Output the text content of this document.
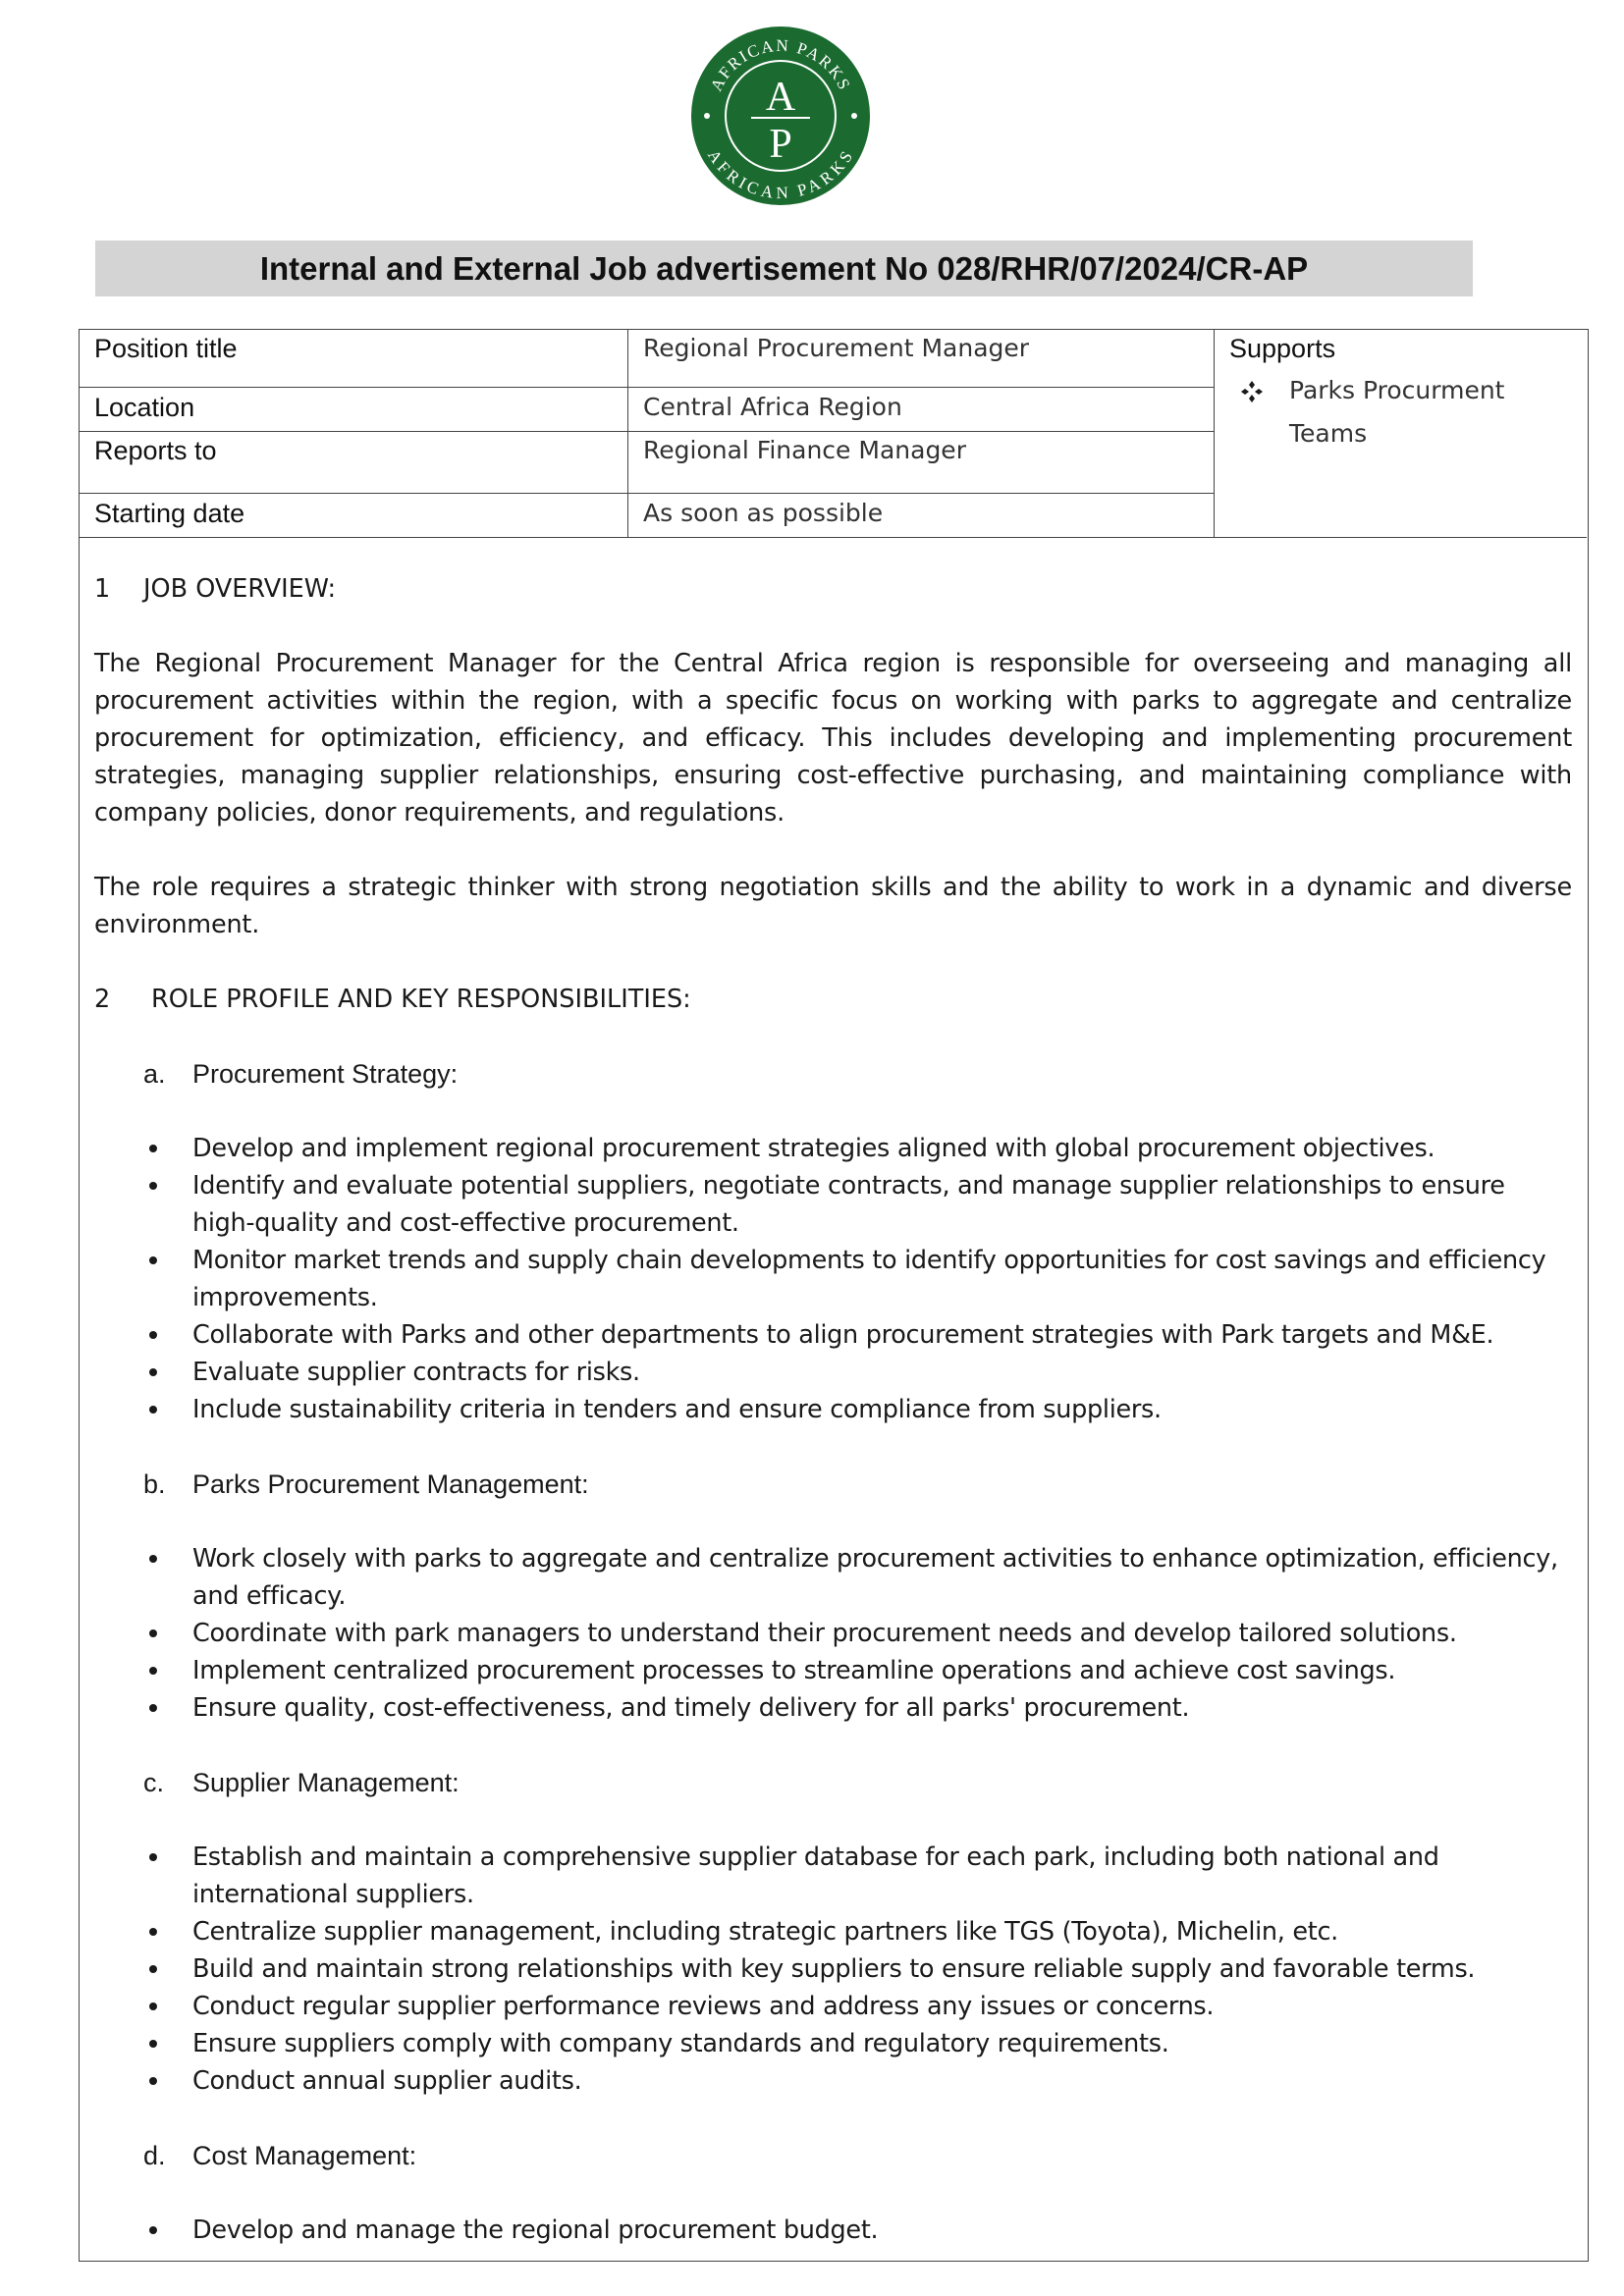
AFRICAN PARKS
AFRICAN PARKS
A
P
Internal and External Job advertisement No 028/RHR/07/2024/CR-AP
Position title	Regional Procurement Manager
Location	Central Africa Region
Reports to	Regional Finance Manager
Starting date	As soon as possible
Supports
Parks Procurment
Teams
1 JOB OVERVIEW:

The Regional Procurement Manager for the Central Africa region is responsible for overseeing and managing all procurement activities within the region, with a specific focus on working with parks to aggregate and centralize procurement for optimization, efficiency, and efficacy. This includes developing and implementing procurement strategies, managing supplier relationships, ensuring cost-effective purchasing, and maintaining compliance with company policies, donor requirements, and regulations.

The role requires a strategic thinker with strong negotiation skills and the ability to work in a dynamic and diverse environment.

2 ROLE PROFILE AND KEY RESPONSIBILITIES:
a. Procurement Strategy:
Develop and implement regional procurement strategies aligned with global procurement objectives.
Identify and evaluate potential suppliers, negotiate contracts, and manage supplier relationships to ensure high-quality and cost-effective procurement.
Monitor market trends and supply chain developments to identify opportunities for cost savings and efficiency improvements.
Collaborate with Parks and other departments to align procurement strategies with Park targets and M&E.
Evaluate supplier contracts for risks.
Include sustainability criteria in tenders and ensure compliance from suppliers.
b. Parks Procurement Management:
Work closely with parks to aggregate and centralize procurement activities to enhance optimization, efficiency, and efficacy.
Coordinate with park managers to understand their procurement needs and develop tailored solutions.
Implement centralized procurement processes to streamline operations and achieve cost savings.
Ensure quality, cost-effectiveness, and timely delivery for all parks' procurement.
c. Supplier Management:
Establish and maintain a comprehensive supplier database for each park, including both national and international suppliers.
Centralize supplier management, including strategic partners like TGS (Toyota), Michelin, etc.
Build and maintain strong relationships with key suppliers to ensure reliable supply and favorable terms.
Conduct regular supplier performance reviews and address any issues or concerns.
Ensure suppliers comply with company standards and regulatory requirements.
Conduct annual supplier audits.
d. Cost Management:
Develop and manage the regional procurement budget.
